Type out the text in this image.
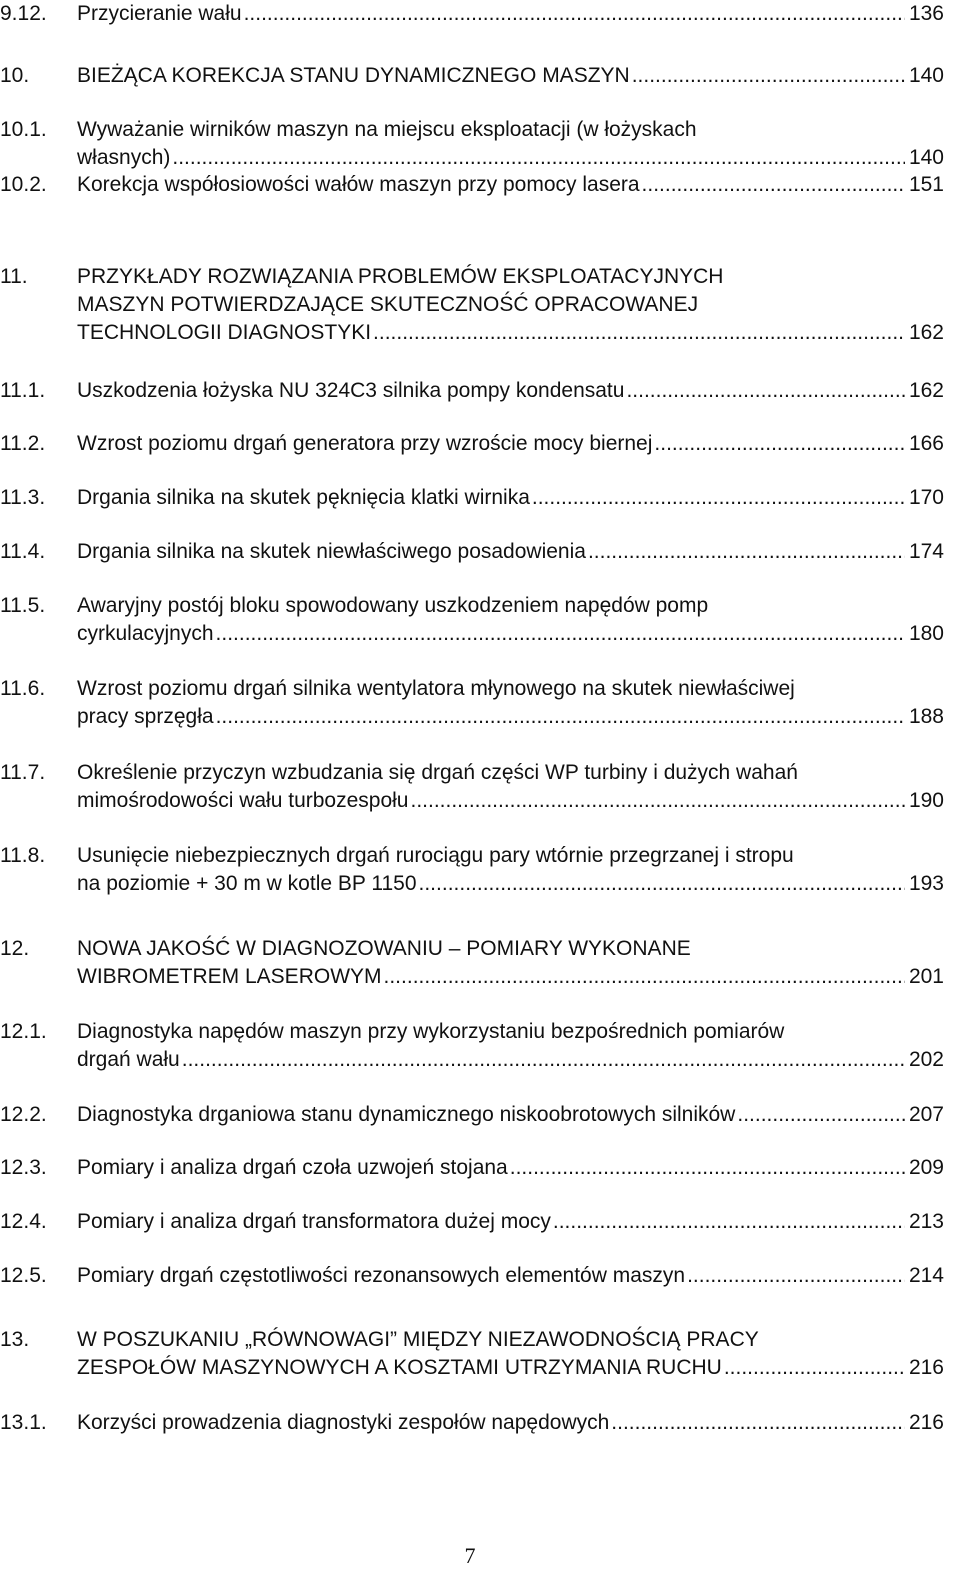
9.12. Przycieranie wału .....	136
10. BIEŻĄCA KOREKCJA STANU DYNAMICZNEGO MASZYN .....	140
10.1. Wyważanie wirników maszyn na miejscu eksploatacji (w łożyskach
własnych) .....	140
10.2. Korekcja współosiowości wałów maszyn przy pomocy lasera .....	151
11. PRZYKŁADY ROZWIĄZANIA PROBLEMÓW EKSPLOATACYJNYCH
MASZYN POTWIERDZAJĄCE SKUTECZNOŚĆ OPRACOWANEJ
TECHNOLOGII DIAGNOSTYKI .....	162
11.1. Uszkodzenia łożyska NU 324C3 silnika pompy kondensatu .....	162
11.2. Wzrost poziomu drgań generatora przy wzroście mocy biernej .....	166
11.3. Drgania silnika na skutek pęknięcia klatki wirnika .....	170
11.4. Drgania silnika na skutek niewłaściwego posadowienia .....	174
11.5. Awaryjny postój bloku spowodowany uszkodzeniem napędów pomp
cyrkulacyjnych .....	180
11.6. Wzrost poziomu drgań silnika wentylatora młynowego na skutek niewłaściwej
pracy sprzęgła .....	188
11.7. Określenie przyczyn wzbudzania się drgań części WP turbiny i dużych wahań
mimośrodowości wału turbozespołu .....	190
11.8. Usunięcie niebezpiecznych drgań rurociągu pary wtórnie przegrzanej i stropu
na poziomie + 30 m w kotle BP 1150 .....	193
12. NOWA JAKOŚĆ W DIAGNOZOWANIU – POMIARY WYKONANE
WIBROMETREM LASEROWYM .....	201
12.1. Diagnostyka napędów maszyn przy wykorzystaniu bezpośrednich pomiarów
drgań wału .....	202
12.2. Diagnostyka drganiowa stanu dynamicznego niskoobrotowych silników .....	207
12.3. Pomiary i analiza drgań czoła uzwojeń stojana .....	209
12.4. Pomiary i analiza drgań transformatora dużej mocy .....	213
12.5. Pomiary drgań częstotliwości rezonansowych elementów maszyn .....	214
13. W POSZUKANIU „RÓWNOWAGI” MIĘDZY NIEZAWODNOŚCIĄ PRACY
ZESPOŁÓW MASZYNOWYCH A KOSZTAMI UTRZYMANIA RUCHU .....	216
13.1. Korzyści prowadzenia diagnostyki zespołów napędowych .....	216
7
